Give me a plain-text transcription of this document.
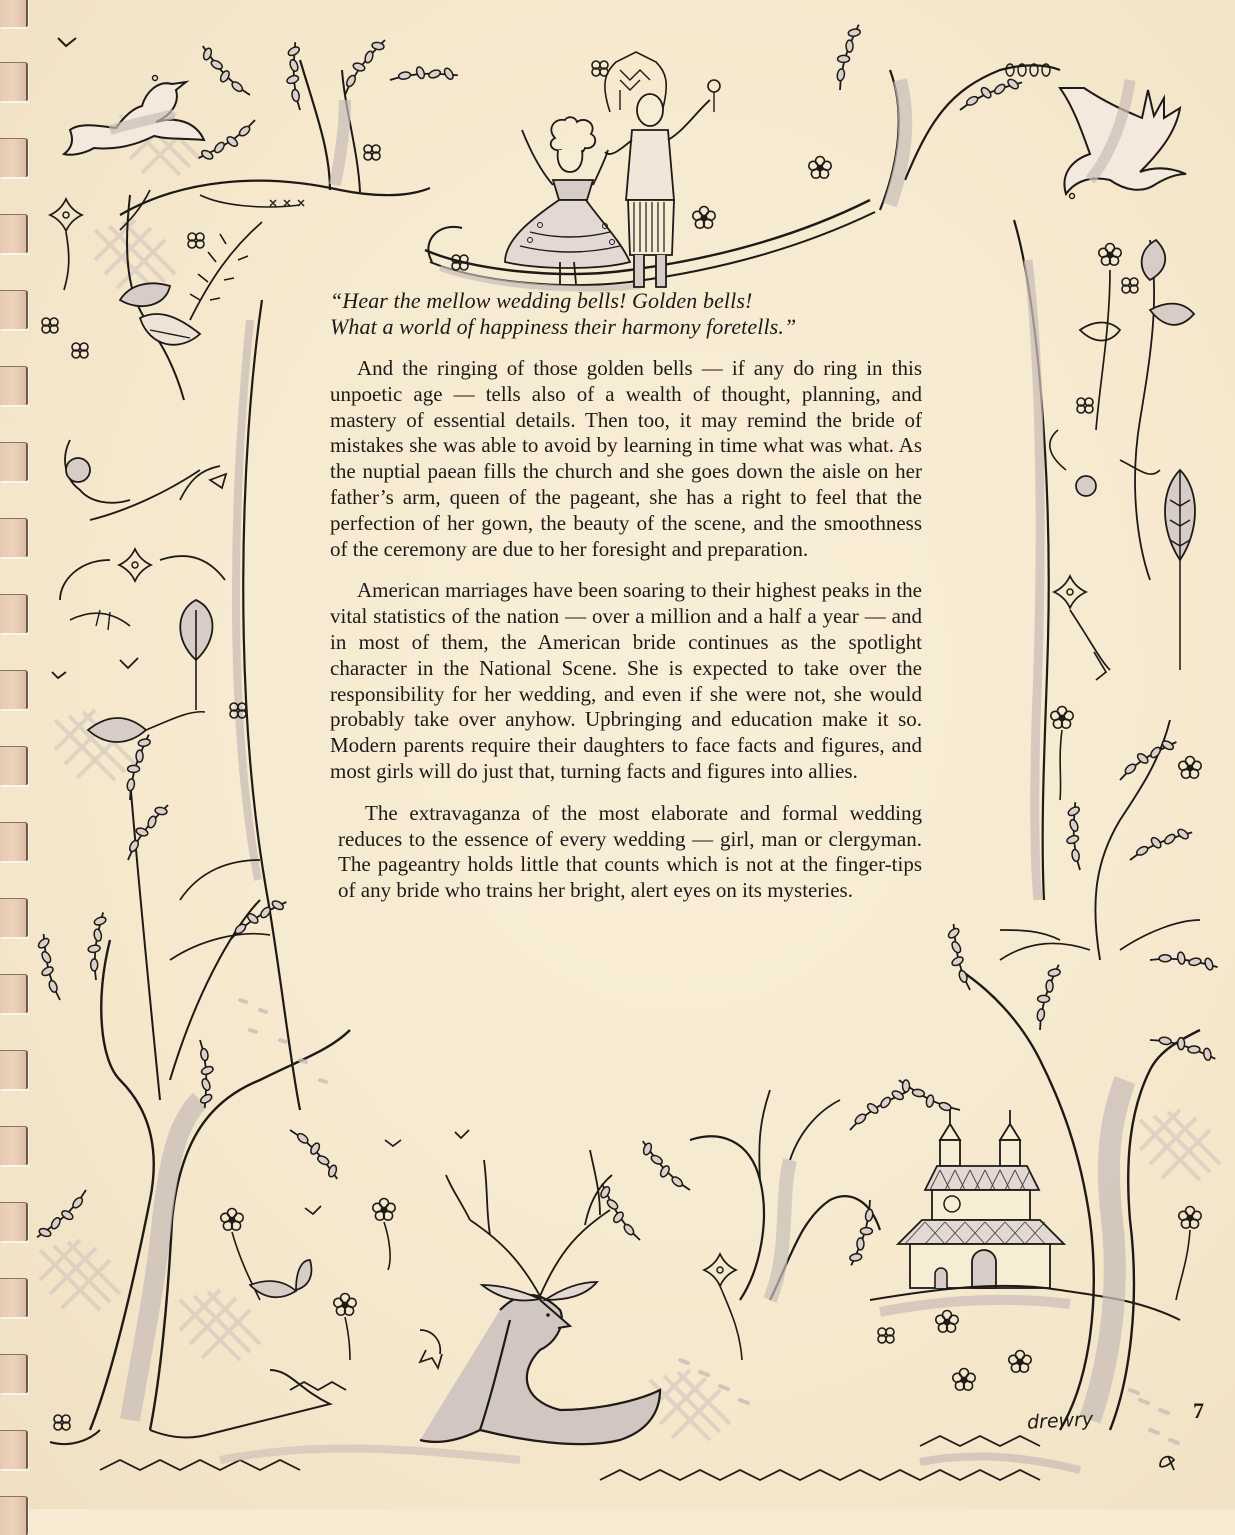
“Hear the mellow wedding bells! Golden bells!
What a world of happiness their harmony foretells.”

And the ringing of those golden bells — if any do ring in this unpoetic age — tells also of a wealth of thought, planning, and mastery of essential details. Then too, it may remind the bride of mistakes she was able to avoid by learning in time what was what. As the nuptial paean fills the church and she goes down the aisle on her father’s arm, queen of the pageant, she has a right to feel that the perfection of her gown, the beauty of the scene, and the smoothness of the ceremony are due to her foresight and preparation.

American marriages have been soaring to their highest peaks in the vital statistics of the nation — over a million and a half a year — and in most of them, the American bride continues as the spotlight character in the National Scene. She is expected to take over the responsibility for her wedding, and even if she were not, she would probably take over anyhow. Upbringing and education make it so. Modern parents require their daughters to face facts and figures, and most girls will do just that, turning facts and figures into allies.

The extravaganza of the most elaborate and formal wedding reduces to the essence of every wedding — girl, man or clergyman. The pageantry holds little that counts which is not at the finger-tips of any bride who trains her bright, alert eyes on its mysteries.

drewry	7
